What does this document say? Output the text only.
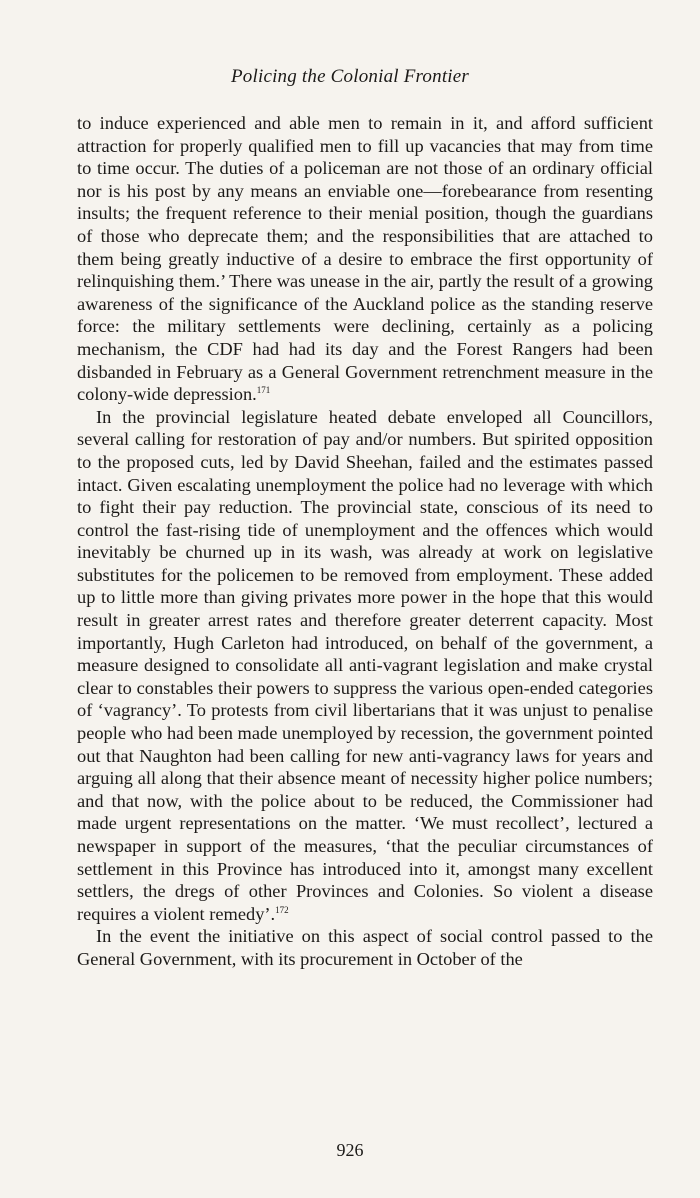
Policing the Colonial Frontier

to induce experienced and able men to remain in it, and afford sufficient attraction for properly qualified men to fill up vacancies that may from time to time occur. The duties of a policeman are not those of an ordinary official nor is his post by any means an enviable one—forebearance from resenting insults; the frequent reference to their menial position, though the guardians of those who deprecate them; and the responsibilities that are attached to them being greatly inductive of a desire to embrace the first opportunity of relinquishing them.’ There was unease in the air, partly the result of a growing awareness of the significance of the Auckland police as the standing reserve force: the military settlements were declining, certainly as a policing mechanism, the CDF had had its day and the Forest Rangers had been disbanded in February as a General Government retrenchment measure in the colony-wide depression.$^{171}$

In the provincial legislature heated debate enveloped all Councillors, several calling for restoration of pay and/or numbers. But spirited opposition to the proposed cuts, led by David Sheehan, failed and the estimates passed intact. Given escalating unemployment the police had no leverage with which to fight their pay reduction. The provincial state, conscious of its need to control the fast-rising tide of unemployment and the offences which would inevitably be churned up in its wash, was already at work on legislative substitutes for the policemen to be removed from employment. These added up to little more than giving privates more power in the hope that this would result in greater arrest rates and therefore greater deterrent capacity. Most importantly, Hugh Carleton had introduced, on behalf of the government, a measure designed to consolidate all anti-vagrant legislation and make crystal clear to constables their powers to suppress the various open-ended categories of ‘vagrancy’. To protests from civil libertarians that it was unjust to penalise people who had been made unemployed by recession, the government pointed out that Naughton had been calling for new anti-vagrancy laws for years and arguing all along that their absence meant of necessity higher police numbers; and that now, with the police about to be reduced, the Commissioner had made urgent representations on the matter. ‘We must recollect’, lectured a newspaper in support of the measures, ‘that the peculiar circumstances of settlement in this Province has introduced into it, amongst many excellent settlers, the dregs of other Provinces and Colonies. So violent a disease requires a violent remedy’.$^{172}$

In the event the initiative on this aspect of social control passed to the General Government, with its procurement in October of the

926
